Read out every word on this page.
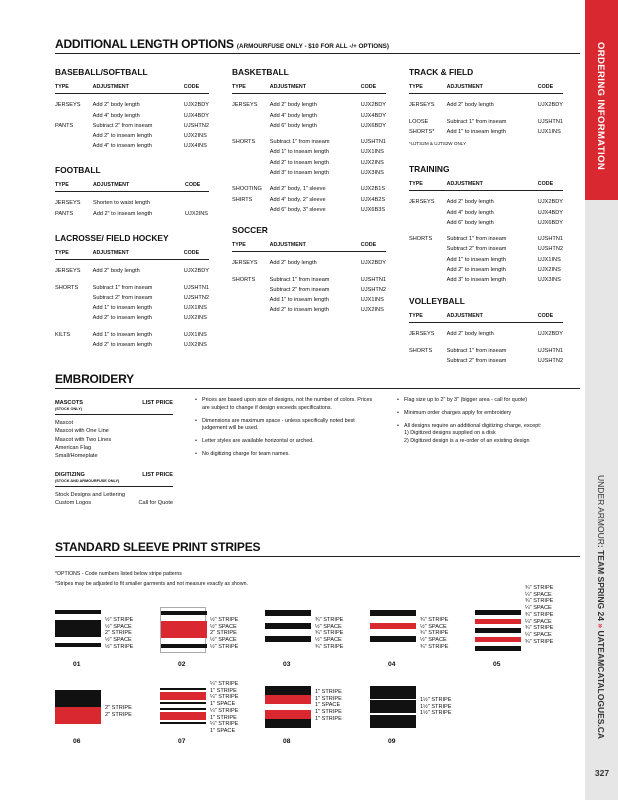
ORDERING INFORMATION
UNDER ARMOUR: TEAM SPRING 24 » UATEAMCATALOGUES.CA
327
ADDITIONAL LENGTH OPTIONS (ARMOURFUSE ONLY - $10 FOR ALL -/+ OPTIONS)
BASEBALL/SOFTBALL
TYPE	ADJUSTMENT	CODE

JERSEYS	Add 2" body length	UJX2BDY
	Add 4" body length	UJX4BDY
PANTS	Subtract 2" from inseam	UJSHTN2
	Add 2" to inseam length	UJX2INS
	Add 4" to inseam length	UJX4INS
FOOTBALL
TYPE	ADJUSTMENT	CODE

JERSEYS	Shorten to waist length	
PANTS	Add 2" to inseam length	UJX2INS
LACROSSE/ FIELD HOCKEY
TYPE	ADJUSTMENT	CODE

JERSEYS	Add 2" body length	UJX2BDY

SHORTS	Subtract 1" from inseam	UJSHTN1
	Subtract 2" from inseam	UJSHTN2
	Add 1" to inseam length	UJX1INS
	Add 2" to inseam length	UJX2INS

KILTS	Add 1" to inseam length	UJX1INS
	Add 2" to inseam length	UJX2INS
BASKETBALL
TYPE	ADJUSTMENT	CODE

JERSEYS	Add 2" body length	UJX2BDY
	Add 4" body length	UJX4BDY
	Add 6" body length	UJX6BDY

SHORTS	Subtract 1" from inseam	UJSHTN1
	Add 1" to inseam length	UJX1INS
	Add 2" to inseam length	UJX2INS
	Add 3" to inseam length	UJX3INS

SHOOTING	Add 2" body, 1" sleeve	UJX2B1S
SHIRTS	Add 4" body, 2" sleeve	UJX4B2S
	Add 6" body, 3" sleeve	UJX6B3S
SOCCER
TYPE	ADJUSTMENT	CODE

JERSEYS	Add 2" body length	UJX2BDY

SHORTS	Subtract 1" from inseam	UJSHTN1
	Subtract 2" from inseam	UJSHTN2
	Add 1" to inseam length	UJX1INS
	Add 2" to inseam length	UJX2INS
TRACK & FIELD
TYPE	ADJUSTMENT	CODE

JERSEYS	Add 2" body length	UJX2BDY

LOOSE	Subtract 1" from inseam	UJSHTN1
SHORTS*	Add 1" to inseam length	UJX1INS
*UJTS2M & UJTS2W ONLY
TRAINING
TYPE	ADJUSTMENT	CODE

JERSEYS	Add 2" body length	UJX2BDY
	Add 4" body length	UJX4BDY
	Add 6" body length	UJX6BDY

SHORTS	Subtract 1" from inseam	UJSHTN1
	Subtract 2" from inseam	UJSHTN2
	Add 1" to inseam length	UJX1INS
	Add 2" to inseam length	UJX2INS
	Add 3" to inseam length	UJX3INS
VOLLEYBALL
TYPE	ADJUSTMENT	CODE

JERSEYS	Add 2" body length	UJX2BDY

SHORTS	Subtract 1" from inseam	UJSHTN1
	Subtract 2" from inseam	UJSHTN2
EMBROIDERY
MASCOTS
(STOCK ONLY)
LIST PRICE
Mascot
Mascot with One Line
Mascot with Two Lines
American Flag
Small/Homeplate
DIGITIZING
(STOCK AND ARMOURFUSE ONLY)
LIST PRICE
Stock Designs and Lettering
Custom Logos	Call for Quote
• Prices are based upon size of designs, not the number of colors. Prices are subject to change if design exceeds specifications.
• Dimensions are maximum space - unless specifically noted best judgement will be used.
• Letter styles are available horizontal or arched.
• No digitizing charge for team names.
• Flag size up to 2" by 3" (bigger area - call for quote)
• Minimum order charges apply for embroidery
• All designs require an additional digitizing charge, except:
1) Digitized designs supplied on a disk
2) Digitized design is a re-order of an existing design
STANDARD SLEEVE PRINT STRIPES
*OPTIONS - Code numbers listed below stripe patterns
*Stripes may be adjusted to fit smaller garments and not measure exactly as shown.
½" STRIPE
½" SPACE
2" STRIPE
½" SPACE
½" STRIPE
01
½" STRIPE
½" SPACE
2" STRIPE
½" SPACE
½" STRIPE
02
¾" STRIPE
½" SPACE
¾" STRIPE
½" SPACE
¾" STRIPE
03
¾" STRIPE
½" SPACE
¾" STRIPE
½" SPACE
¾" STRIPE
04
¾" STRIPE
¼" SPACE
¾" STRIPE
¼" SPACE
¾" STRIPE
¼" SPACE
¾" STRIPE
¼" SPACE
¾" STRIPE
05
2" STRIPE
2" STRIPE
06
¼" STRIPE
1" STRIPE
¼" STRIPE
1" SPACE
¼" STRIPE
1" STRIPE
¼" STRIPE
1" SPACE
07
1" STRIPE
1" STRIPE
1" SPACE
1" STRIPE
1" STRIPE
08
1½" STRIPE
1½" STRIPE
1½" STRIPE
09
